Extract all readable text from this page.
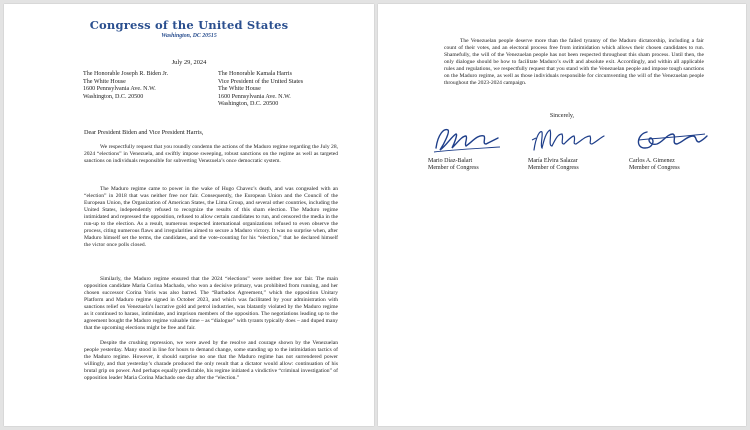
Congress of the United States
Washington, DC 20515
July 29, 2024
The Honorable Joseph R. Biden Jr.
The White House
1600 Pennsylvania Ave. N.W.
Washington, D.C. 20500
The Honorable Kamala Harris
Vice President of the United States
The White House
1600 Pennsylvania Ave. N.W.
Washington, D.C. 20500
Dear President Biden and Vice President Harris,

We respectfully request that you roundly condemn the actions of the Maduro regime regarding the July 28, 2024 “elections” in Venezuela, and swiftly impose sweeping, robust sanctions on the regime as well as targeted sanctions on individuals responsible for subverting Venezuela’s once democratic system.

The Maduro regime came to power in the wake of Hugo Chavez’s death, and was congealed with an “election” in 2018 that was neither free nor fair. Consequently, the European Union and the Council of the European Union, the Organization of American States, the Lima Group, and several other countries, including the United States, independently refused to recognize the results of this sham election. The Maduro regime intimidated and repressed the opposition, refused to allow certain candidates to run, and censored the media in the run-up to the election. As a result, numerous respected international organizations refused to even observe the process, citing numerous flaws and irregularities aimed to secure a Maduro victory. It was no surprise when, after Maduro himself set the terms, the candidates, and the vote-counting for his “election,” that he declared himself the victor once polls closed.

Similarly, the Maduro regime ensured that the 2024 “elections” were neither free nor fair. The main opposition candidate Maria Corina Machado, who won a decisive primary, was prohibited from running, and her chosen successor Corina Yoris was also barred. The “Barbados Agreement,” which the opposition Unitary Platform and Maduro regime signed in October 2023, and which was facilitated by your administration with sanctions relief on Venezuela’s lucrative gold and petrol industries, was blatantly violated by the Maduro regime as it continued to harass, intimidate, and imprison members of the opposition. The negotiations leading up to the agreement bought the Maduro regime valuable time – as “dialogue” with tyrants typically does – and duped many that the upcoming elections might be free and fair.

Despite the crushing repression, we were awed by the resolve and courage shown by the Venezuelan people yesterday. Many stood in line for hours to demand change, some standing up to the intimidation tactics of the Maduro regime. However, it should surprise no one that the Maduro regime has not surrendered power willingly, and that yesterday’s charade produced the only result that a dictator would allow: continuation of his brutal grip on power. And perhaps equally predictable, his regime initiated a vindictive “criminal investigation” of opposition leader Maria Corina Machado one day after the “election.”

The Venezuelan people deserve more than the failed tyranny of the Maduro dictatorship, including a fair count of their votes, and an electoral process free from intimidation which allows their chosen candidates to run. Shamefully, the will of the Venezuelan people has not been respected throughout this sham process. Until then, the only dialogue should be how to facilitate Maduro’s swift and absolute exit. Accordingly, and within all applicable rules and regulations, we respectfully request that you stand with the Venezuelan people and impose tough sanctions on the Maduro regime, as well as those individuals responsible for circumventing the will of the Venezuelan people throughout the 2023-2024 campaign.

Sincerely,
Mario Díaz-Balart
Member of Congress
María Elvira Salazar
Member of Congress
Carlos A. Gimenez
Member of Congress
